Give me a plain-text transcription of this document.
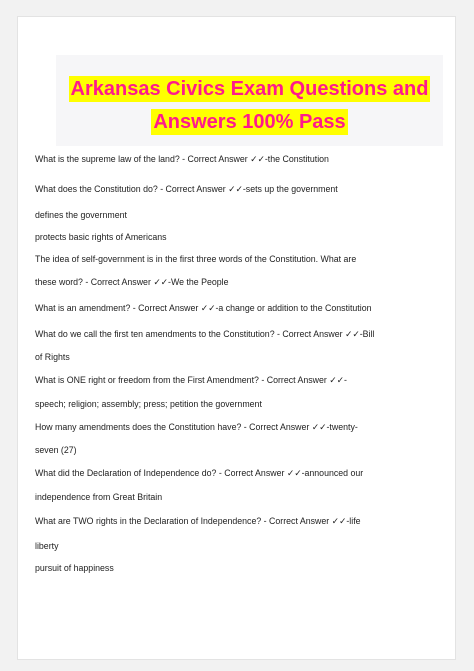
Arkansas Civics Exam Questions and
Answers 100% Pass
What is the supreme law of the land? - Correct Answer ✓✓-the Constitution
What does the Constitution do? - Correct Answer ✓✓-sets up the government
defines the government
protects basic rights of Americans
The idea of self-government is in the first three words of the Constitution. What are
these word? - Correct Answer ✓✓-We the People
What is an amendment? - Correct Answer ✓✓-a change or addition to the Constitution
What do we call the first ten amendments to the Constitution? - Correct Answer ✓✓-Bill
of Rights
What is ONE right or freedom from the First Amendment? - Correct Answer ✓✓-
speech; religion; assembly; press; petition the government
How many amendments does the Constitution have? - Correct Answer ✓✓-twenty-
seven (27)
What did the Declaration of Independence do? - Correct Answer ✓✓-announced our
independence from Great Britain
What are TWO rights in the Declaration of Independence? - Correct Answer ✓✓-life
liberty
pursuit of happiness
